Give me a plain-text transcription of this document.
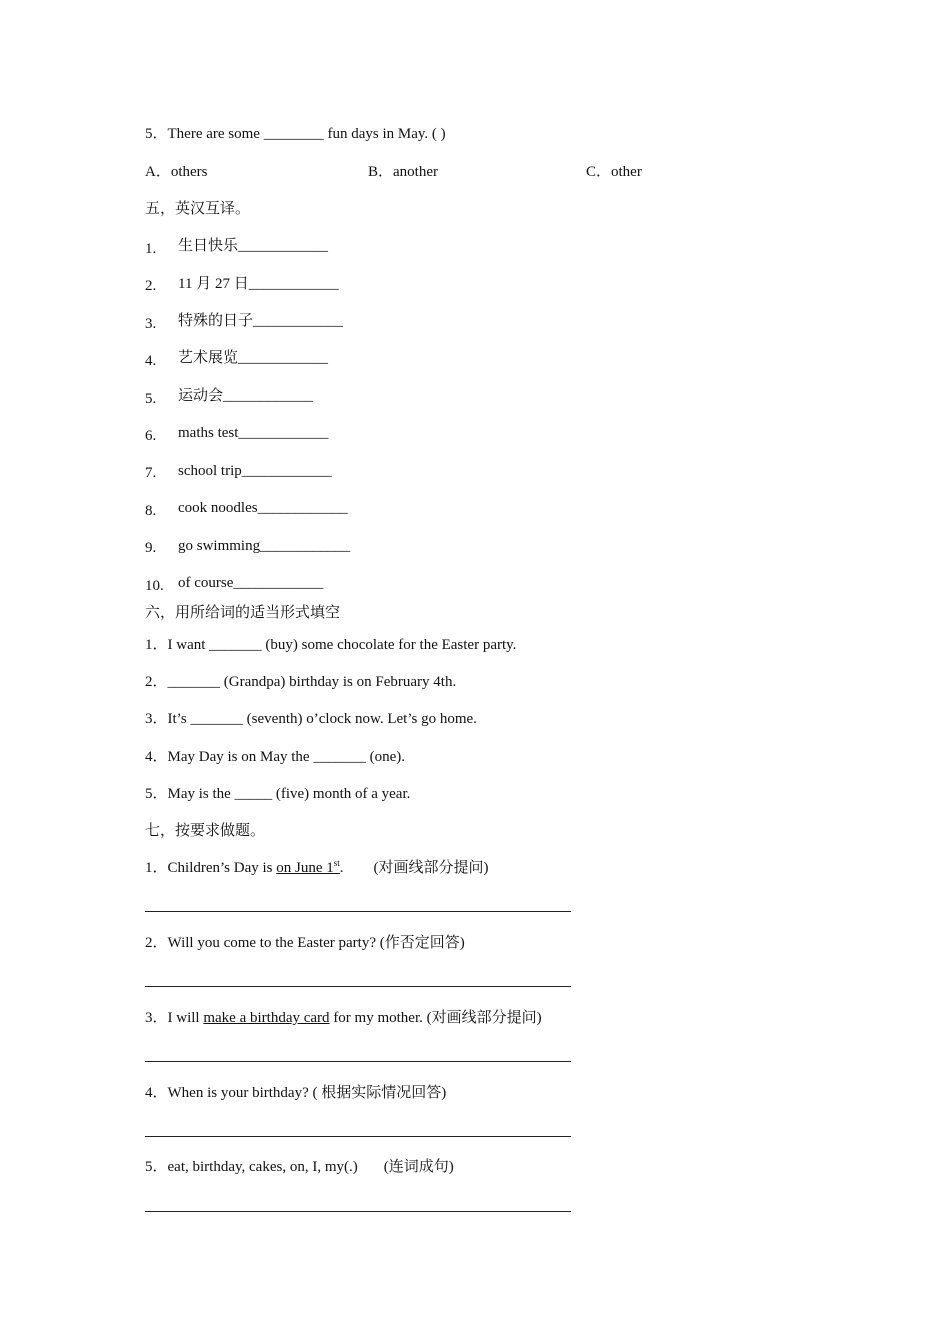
5．There are some ________ fun days in May. ( )
A．others	B．another	C．other
五，英汉互译。
1. 生日快乐____________
2. 11 月 27 日____________
3. 特殊的日子____________
4. 艺术展览____________
5. 运动会____________
6. maths test____________
7. school trip____________
8. cook noodles____________
9. go swimming____________
10. of course____________
六，用所给词的适当形式填空
1．I want _______ (buy) some chocolate for the Easter party.
2．_______ (Grandpa) birthday is on February 4th.
3．It’s _______ (seventh) o’clock now. Let’s go home.
4．May Day is on May the _______ (one).
5．May is the _____ (five) month of a year.
七，按要求做题。
1．Children’s Day is on June 1st. (对画线部分提问)
2．Will you come to the Easter party? (作否定回答)
3．I will make a birthday card for my mother. (对画线部分提问)
4．When is your birthday? ( 根据实际情况回答)
5．eat, birthday, cakes, on, I, my(.) (连词成句)
